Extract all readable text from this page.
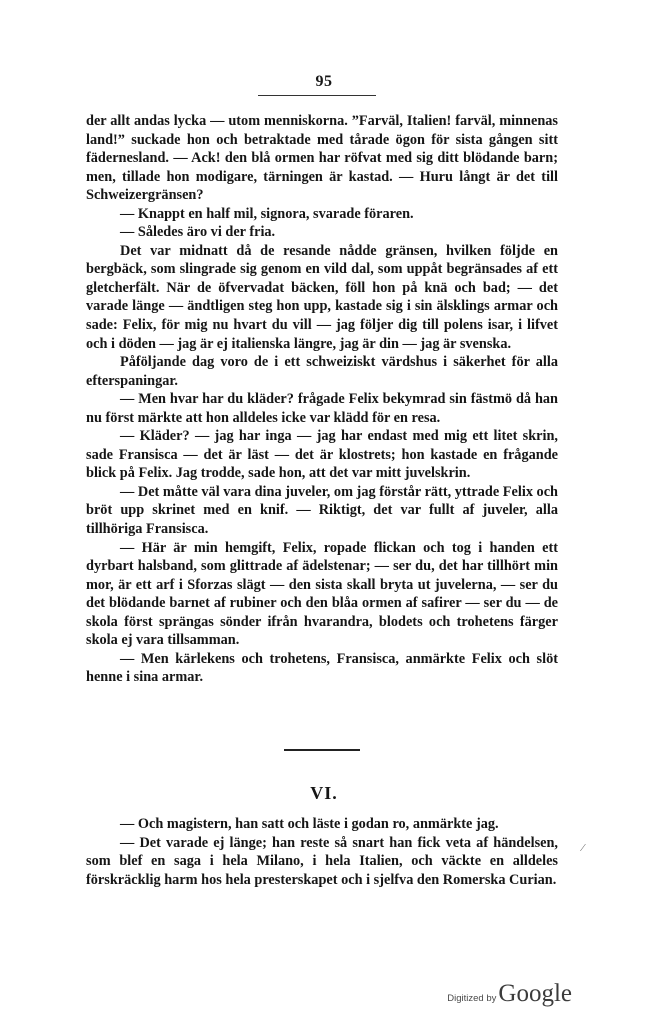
95

der allt andas lycka — utom menniskorna. ”Farväl, Italien! farväl, minnenas land!” suckade hon och betraktade med tårade ögon för sista gången sitt fädernesland. — Ack! den blå ormen har röfvat med sig ditt blödande barn; men, tillade hon modigare, tärningen är kastad. — Huru långt är det till Schweizergränsen?

— Knappt en half mil, signora, svarade föraren.

— Således äro vi der fria.

Det var midnatt då de resande nådde gränsen, hvilken följde en bergbäck, som slingrade sig genom en vild dal, som uppåt begränsades af ett gletcherfält. När de öfvervadat bäcken, föll hon på knä och bad; — det varade länge — ändtligen steg hon upp, kastade sig i sin älsklings armar och sade: Felix, för mig nu hvart du vill — jag följer dig till polens isar, i lifvet och i döden — jag är ej italienska längre, jag är din — jag är svenska.

Påföljande dag voro de i ett schweiziskt värdshus i säkerhet för alla efterspaningar.

— Men hvar har du kläder? frågade Felix bekymrad sin fästmö då han nu först märkte att hon alldeles icke var klädd för en resa.

— Kläder? — jag har inga — jag har endast med mig ett litet skrin, sade Fransisca — det är läst — det är klostrets; hon kastade en frågande blick på Felix. Jag trodde, sade hon, att det var mitt juvelskrin.

— Det måtte väl vara dina juveler, om jag förstår rätt, yttrade Felix och bröt upp skrinet med en knif. — Riktigt, det var fullt af juveler, alla tillhöriga Fransisca.

— Här är min hemgift, Felix, ropade flickan och tog i handen ett dyrbart halsband, som glittrade af ädelstenar; — ser du, det har tillhört min mor, är ett arf i Sforzas slägt — den sista skall bryta ut juvelerna, — ser du det blödande barnet af rubiner och den blåa ormen af safirer — ser du — de skola först sprängas sönder ifrån hvarandra, blodets och trohetens färger skola ej vara tillsamman.

— Men kärlekens och trohetens, Fransisca, anmärkte Felix och slöt henne i sina armar.

VI.

— Och magistern, han satt och läste i godan ro, anmärkte jag.

— Det varade ej länge; han reste så snart han fick veta af händelsen, som blef en saga i hela Milano, i hela Italien, och väckte en alldeles förskräcklig harm hos hela presterskapet och i sjelfva den Romerska Curian.

⁄
Digitized by Google
